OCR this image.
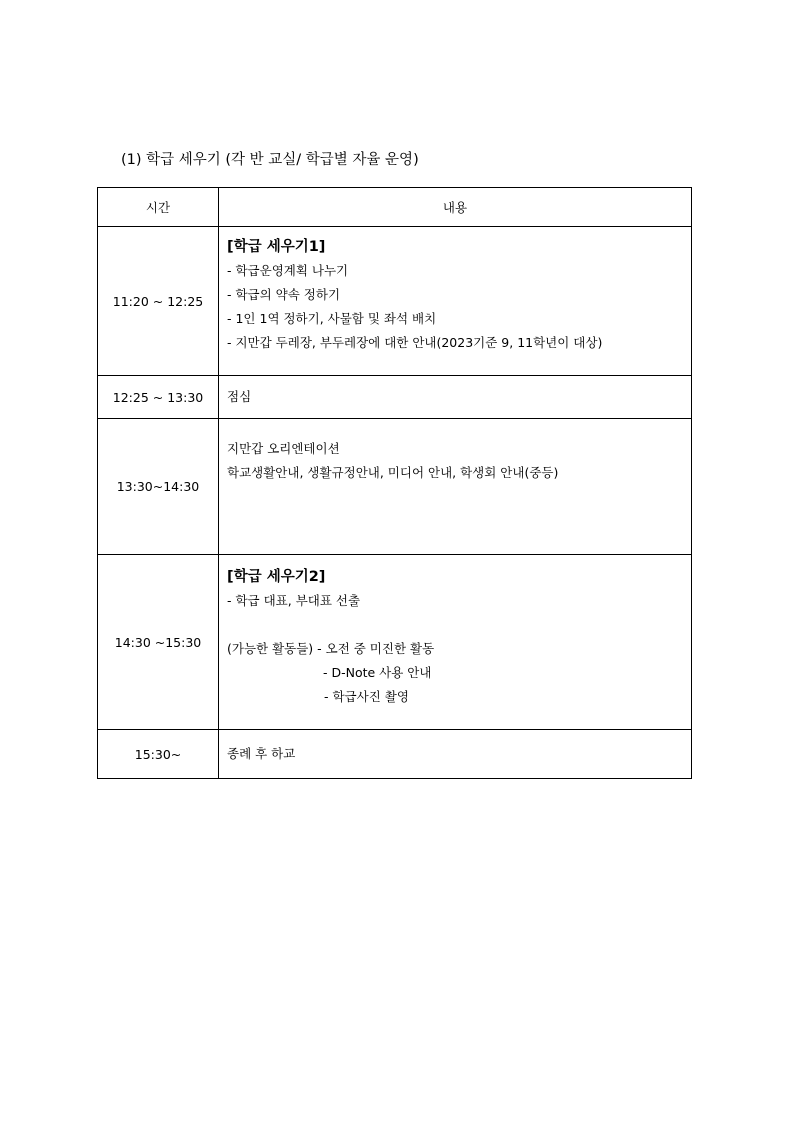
(1) 학급 세우기 (각 반 교실/ 학급별 자율 운영)
시간	내용
11:20 ~ 12:25	[학급 세우기1]
- 학급운영계획 나누기
- 학급의 약속 정하기
- 1인 1역 정하기, 사물함 및 좌석 배치
- 지만갑 두레장, 부두레장에 대한 안내(2023기준 9, 11학년이 대상)

12:25 ~ 13:30	점심

13:30~14:30	지만갑 오리엔테이션
학교생활안내, 생활규정안내, 미디어 안내, 학생회 안내(중등)

14:30 ~15:30	[학급 세우기2]
- 학급 대표, 부대표 선출
(가능한 활동들) - 오전 중 미진한 활동
- D-Note 사용 안내
- 학급사진 촬영

15:30~	종례 후 하교
